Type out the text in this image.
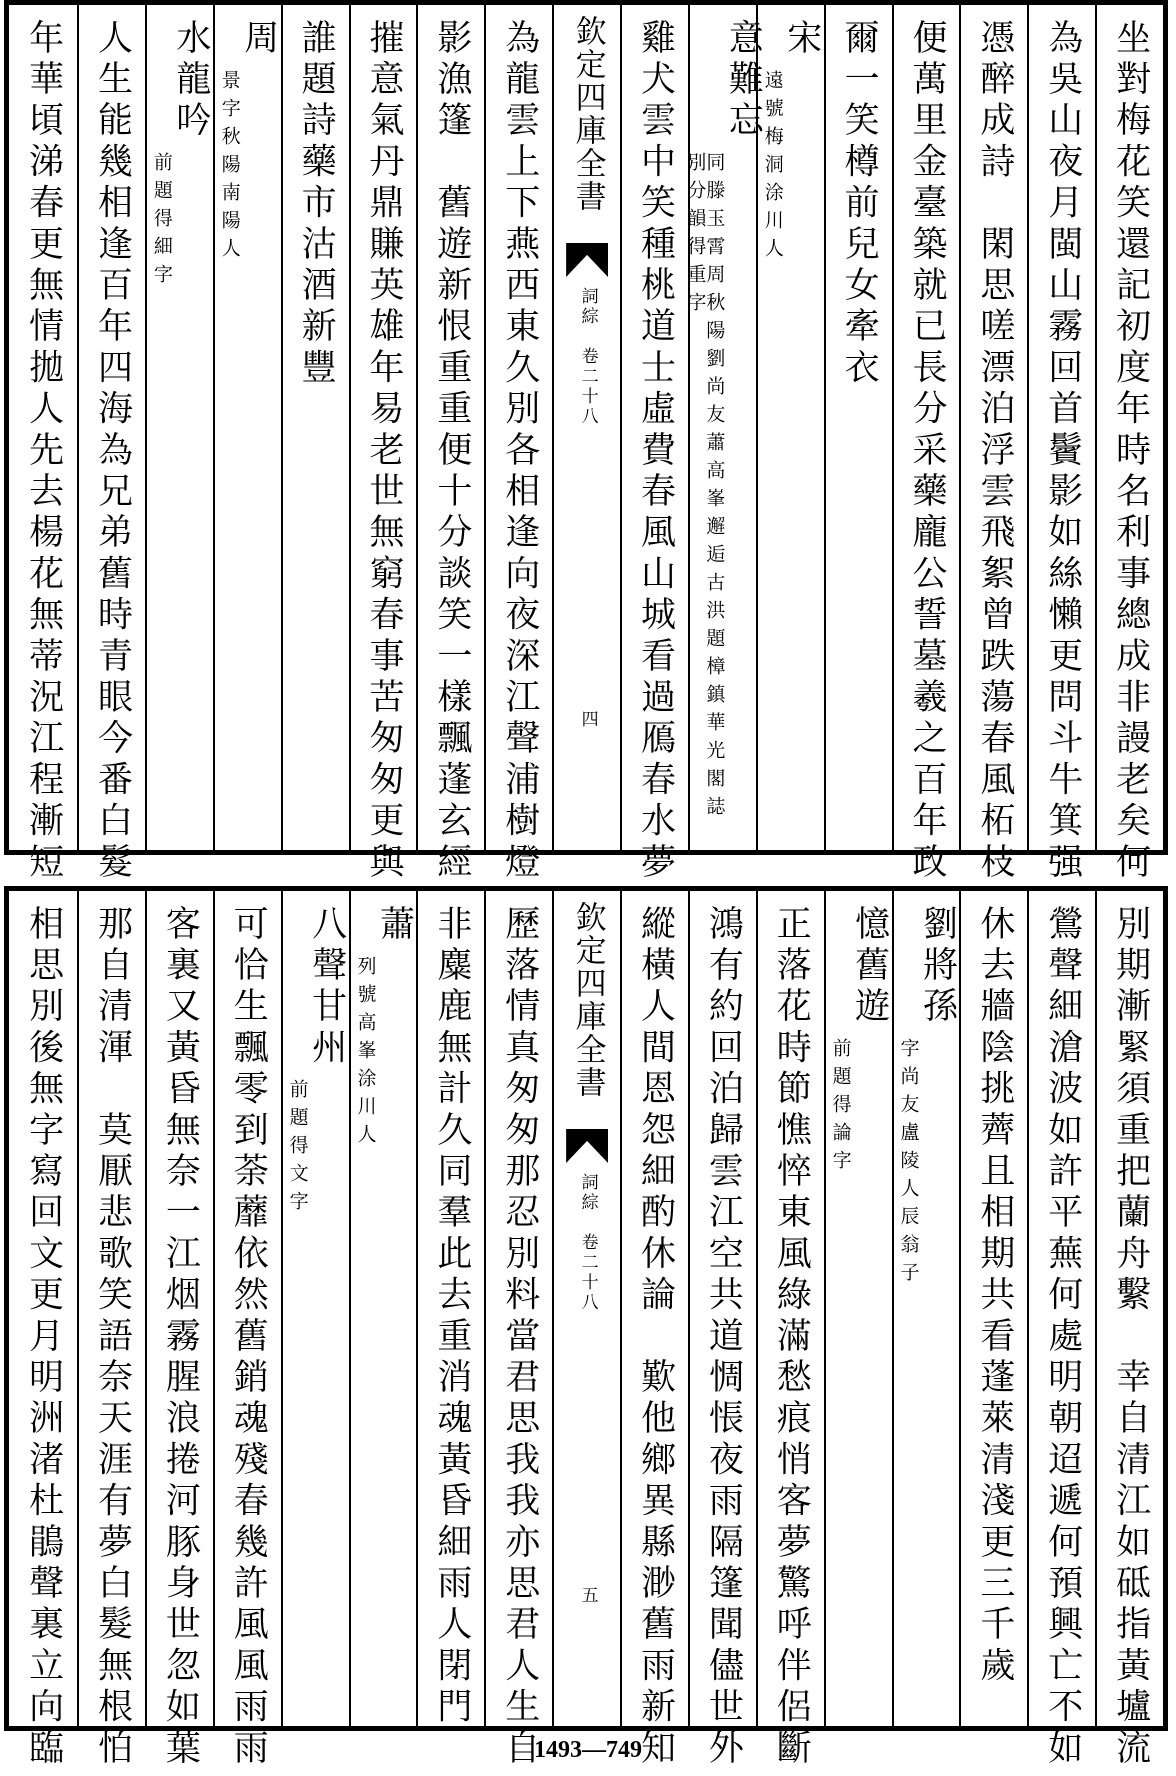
坐對梅花笑還記初度年時名利事總成非謾老矣何
為吳山夜月閩山霧回首鬢影如絲懶更問斗牛箕强
憑醉成詩　閑思嗟漂泊浮雲飛絮曾跌蕩春風柘枝
便萬里金臺築就已長分采藥龐公誓墓羲之百年政
爾一笑樽前兒女牽衣
宋
遠號梅洞涂川人
意難忘
同滕玉霄周秋陽劉尚友蕭高峯邂逅古洪題樟鎮華光閣誌別分韻得重字
雞犬雲中笑種桃道士虛費春風山城看過鴈春水夢
欽定四庫全書
詞綜　卷二十八
四
為龍雲上下燕西東久別各相逢向夜深江聲浦樹燈
影漁篷　舊遊新恨重重便十分談笑一樣飄蓬玄經
摧意氣丹鼎賺英雄年易老世無窮春事苦匆匆更與
誰題詩藥市沽酒新豐
周
景字秋陽南陽人
水龍吟
前題得細字
人生能幾相逢百年四海為兄弟舊時青眼今番白髮
年華頃涕春更無情拋人先去楊花無蒂況江程漸短
別期漸緊須重把蘭舟繫　幸自清江如砥指黃壚流
鶯聲細滄波如許平蕪何處明朝迢遞何預興亡不如
休去牆陰挑薺且相期共看蓬萊清淺更三千歲
劉將孫
字尚友盧陵人辰翁子
憶舊遊
前題得論字
正落花時節憔悴東風綠滿愁痕悄客夢驚呼伴侶斷
鴻有約回泊歸雲江空共道惆悵夜雨隔篷聞儘世外
縱橫人間恩怨細酌休論　歎他鄉異縣渺舊雨新知
欽定四庫全書
詞綜　卷二十八
五
歷落情真匆匆那忍別料當君思我我亦思君人生自
非麋鹿無計久同羣此去重消魂黃昏細雨人閉門
蕭
列號高峯涂川人
八聲甘州
前題得文字
可恰生飄零到荼蘼依然舊銷魂殘春幾許風風雨雨
客裏又黃昏無奈一江烟霧腥浪捲河豚身世忽如葉
那自清渾　莫厭悲歌笑語奈天涯有夢白髮無根怕
相思別後無字寫回文更月明洲渚杜鵑聲裏立向臨	1493—749
